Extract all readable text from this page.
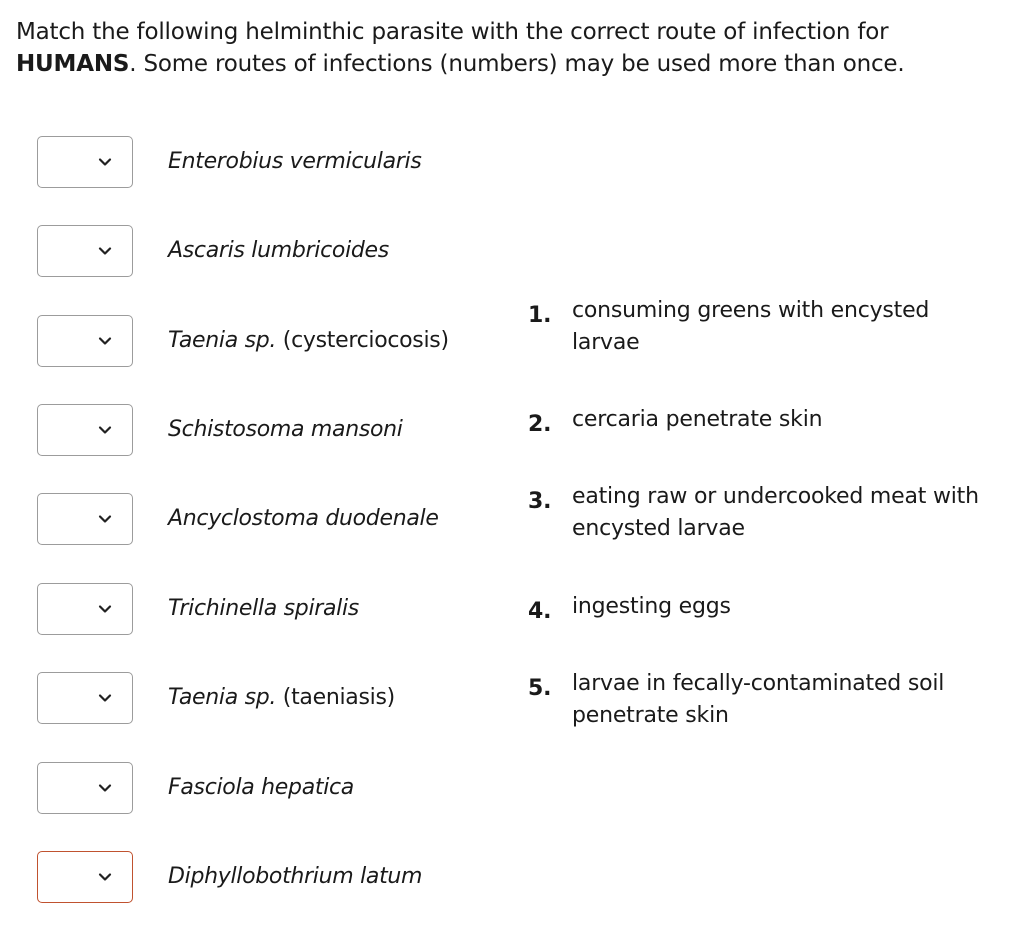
Match the following helminthic parasite with the correct route of infection for
HUMANS. Some routes of infections (numbers) may be used more than once.
Enterobius vermicularis
Ascaris lumbricoides
Taenia sp. (cysterciocosis)
Schistosoma mansoni
Ancyclostoma duodenale
Trichinella spiralis
Taenia sp. (taeniasis)
Fasciola hepatica
Diphyllobothrium latum
1. consuming greens with encysted larvae
2. cercaria penetrate skin
3. eating raw or undercooked meat with encysted larvae
4. ingesting eggs
5. larvae in fecally-contaminated soil penetrate skin
